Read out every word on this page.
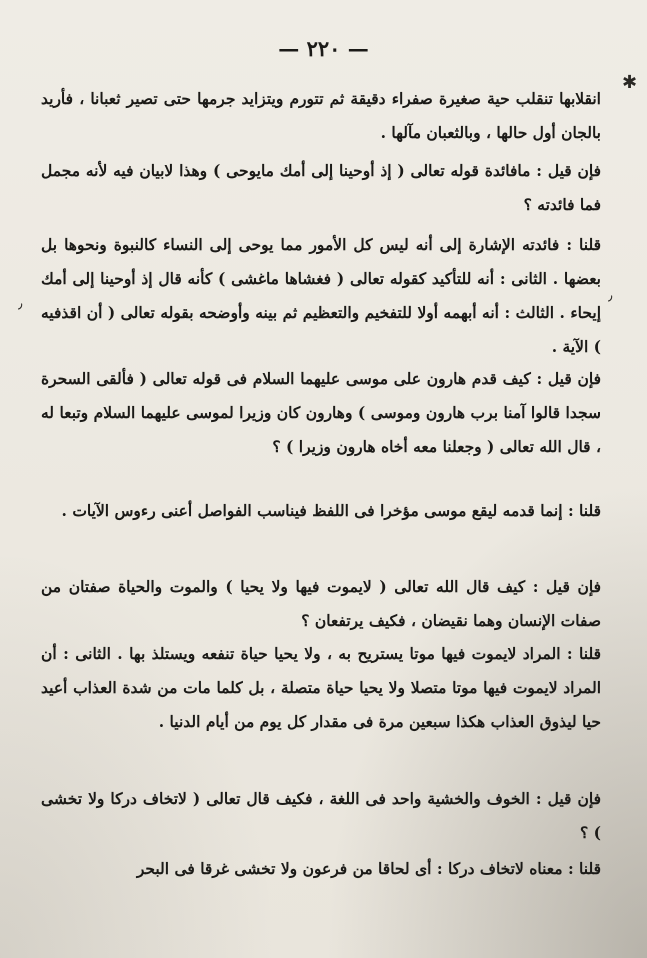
— ٢٢٠ —
✱
٫
٫
انقلابها تنقلب حية صغيرة صفراء دقيقة ثم تتورم ويتزايد جرمها حتى تصير ثعبانا ، فأريد بالجان أول حالها ، وبالثعبان مآلها .
فإن قيل : مافائدة قوله تعالى ( إذ أوحينا إلى أمك مايوحى ) وهذا لابيان فيه لأنه مجمل فما فائدته ؟
قلنا : فائدته الإشارة إلى أنه ليس كل الأمور مما يوحى إلى النساء كالنبوة ونحوها بل بعضها . الثانى : أنه للتأكيد كقوله تعالى ( فغشاها ماغشى ) كأنه قال إذ أوحينا إلى أمك إيحاء . الثالث : أنه أبهمه أولا للتفخيم والتعظيم ثم بينه وأوضحه بقوله تعالى ( أن اقذفيه ) الآية .
فإن قيل : كيف قدم هارون على موسى عليهما السلام فى قوله تعالى ( فألقى السحرة سجدا قالوا آمنا برب هارون وموسى ) وهارون كان وزيرا لموسى عليهما السلام وتبعا له ، قال الله تعالى ( وجعلنا معه أخاه هارون وزيرا ) ؟
قلنا : إنما قدمه ليقع موسى مؤخرا فى اللفظ فيناسب الفواصل أعنى رءوس الآيات .
فإن قيل : كيف قال الله تعالى ( لايموت فيها ولا يحيا ) والموت والحياة صفتان من صفات الإنسان وهما نقيضان ، فكيف يرتفعان ؟
قلنا : المراد لايموت فيها موتا يستريح به ، ولا يحيا حياة تنفعه ويستلذ بها . الثانى : أن المراد لايموت فيها موتا متصلا ولا يحيا حياة متصلة ، بل كلما مات من شدة العذاب أعيد حيا ليذوق العذاب هكذا سبعين مرة فى مقدار كل يوم من أيام الدنيا .
فإن قيل : الخوف والخشية واحد فى اللغة ، فكيف قال تعالى ( لاتخاف دركا ولا تخشى ) ؟
قلنا : معناه لاتخاف دركا : أى لحاقا من فرعون ولا تخشى غرقا فى البحر
